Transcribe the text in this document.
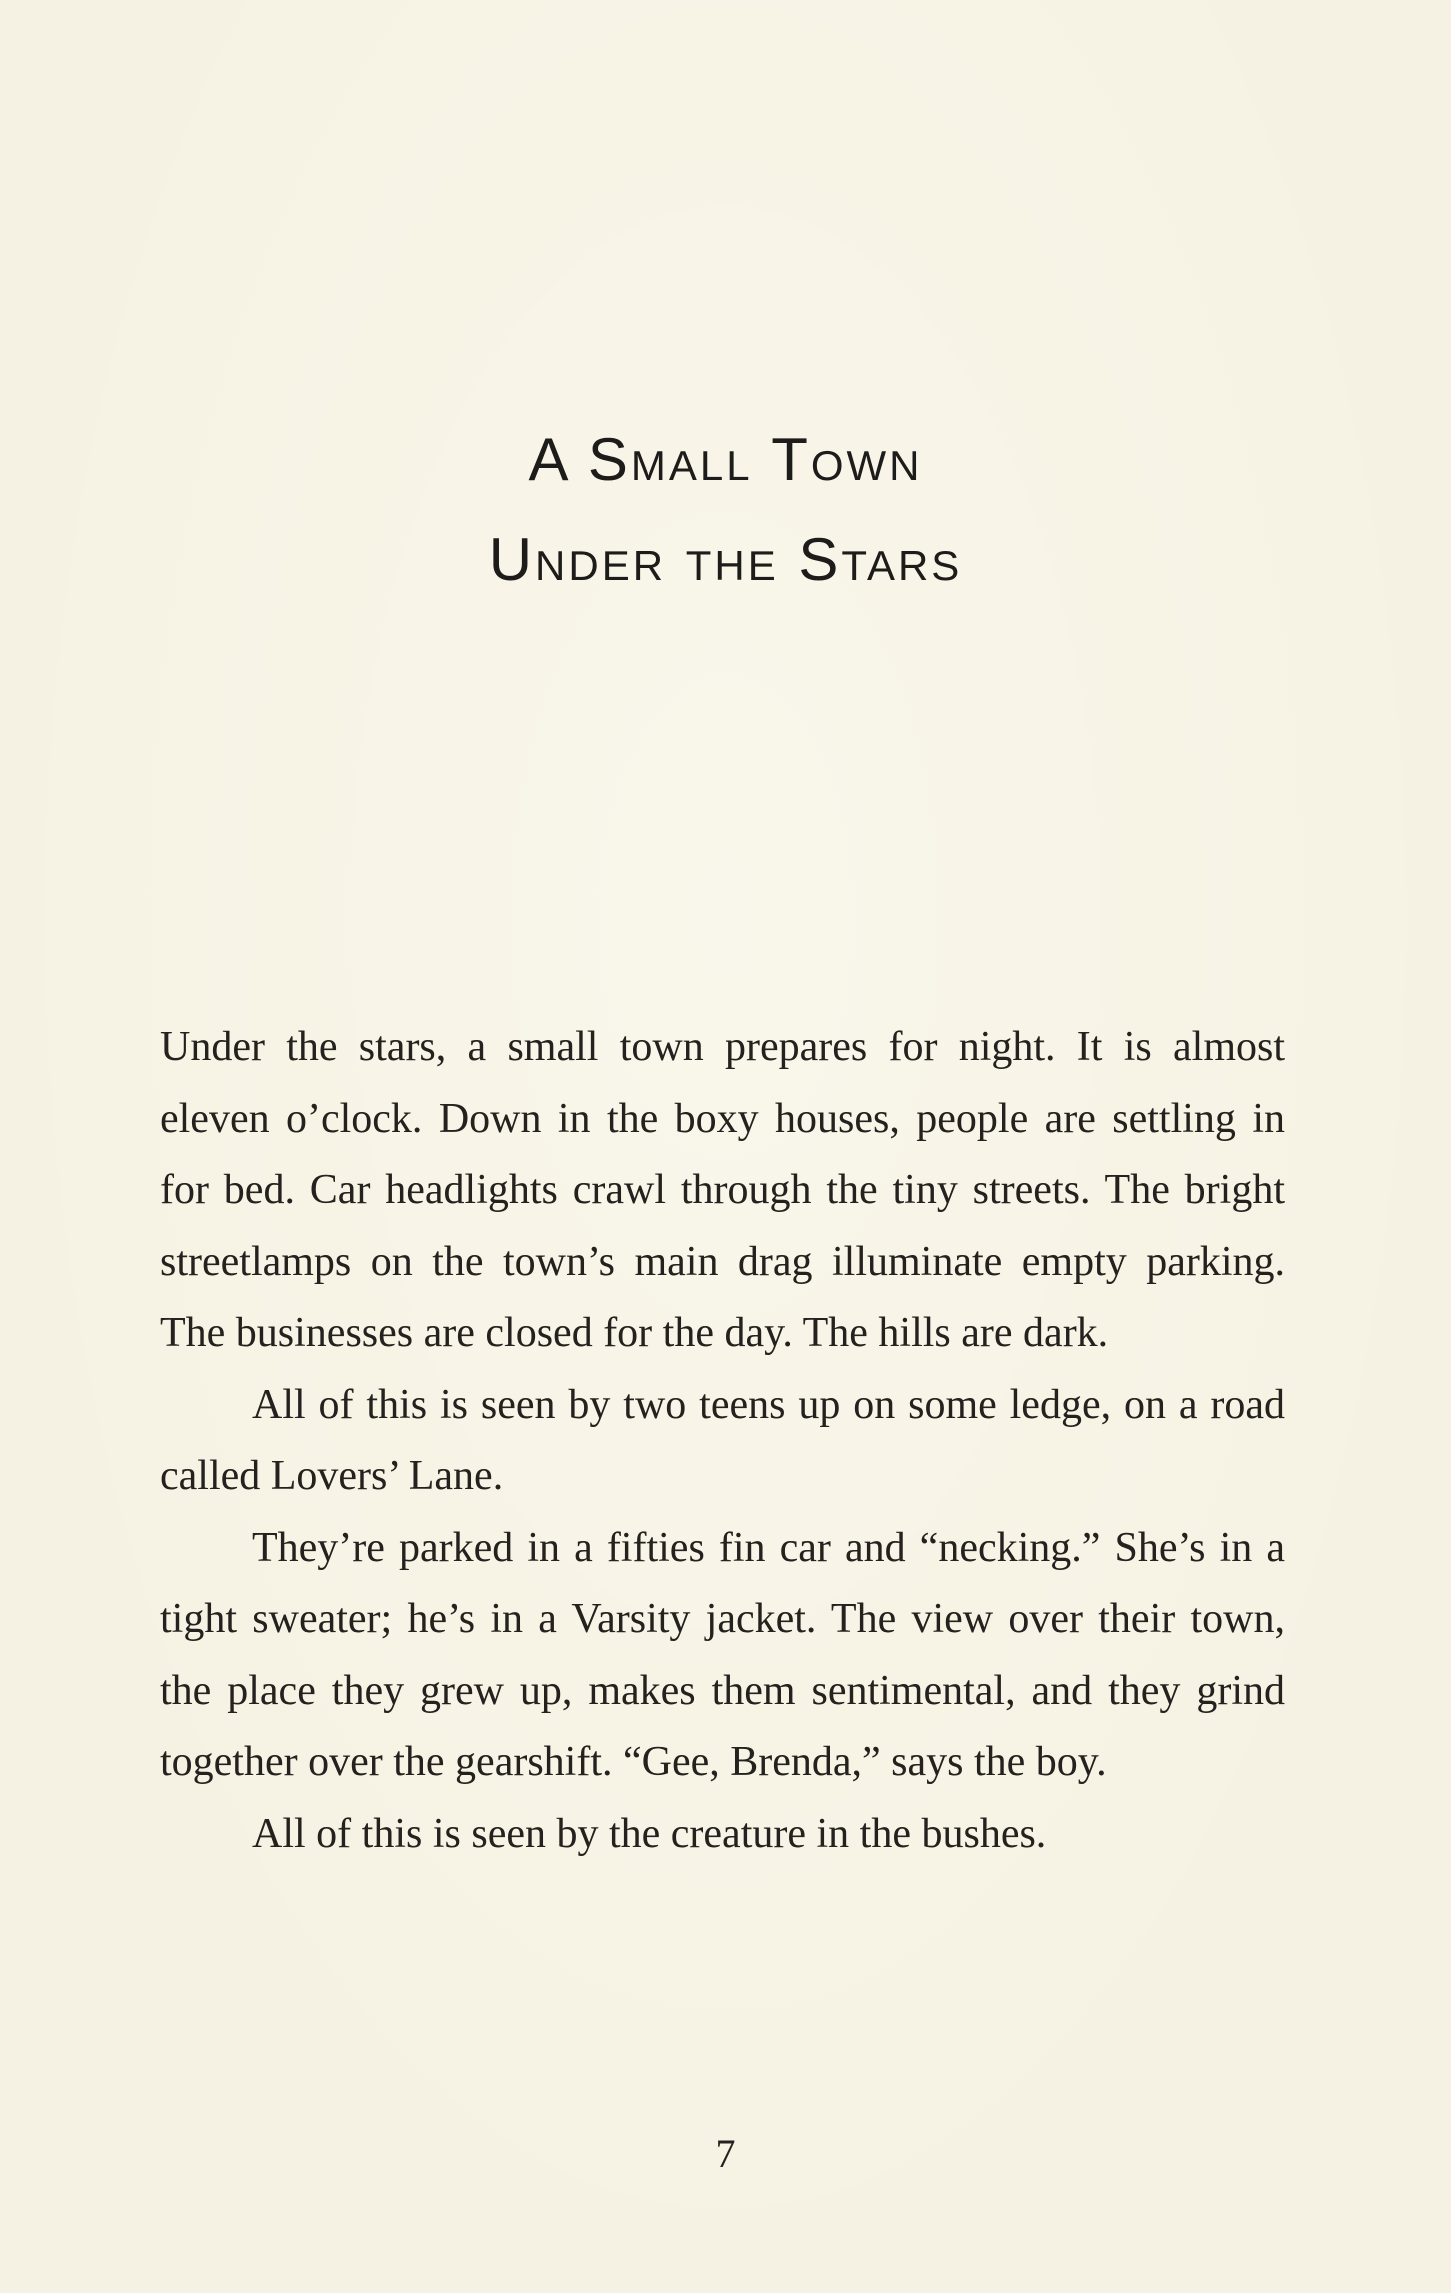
A Small Town
Under the Stars

Under the stars, a small town prepares for night. It is almost eleven o’clock. Down in the boxy houses, people are settling in for bed. Car headlights crawl through the tiny streets. The bright streetlamps on the town’s main drag illuminate empty parking. The businesses are closed for the day. The hills are dark.

All of this is seen by two teens up on some ledge, on a road called Lovers’ Lane.

They’re parked in a fifties fin car and “necking.” She’s in a tight sweater; he’s in a Varsity jacket. The view over their town, the place they grew up, makes them sentimental, and they grind together over the gearshift. “Gee, Brenda,” says the boy.

All of this is seen by the creature in the bushes.

7
